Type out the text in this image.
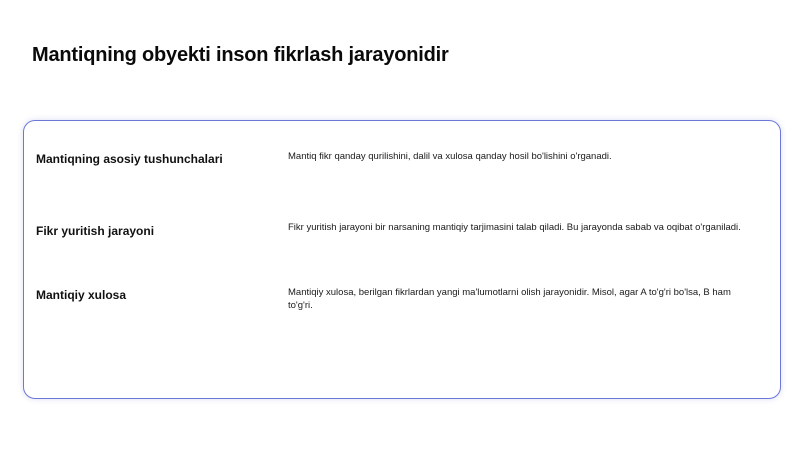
Mantiqning obyekti inson fikrlash jarayonidir
Mantiqning asosiy tushunchalari	Mantiq fikr qanday qurilishini, dalil va xulosa qanday hosil bo'lishini o'rganadi.
Fikr yuritish jarayoni	Fikr yuritish jarayoni bir narsaning mantiqiy tarjimasini talab qiladi. Bu jarayonda sabab va oqibat o'rganiladi.
Mantiqiy xulosa	Mantiqiy xulosa, berilgan fikrlardan yangi ma'lumotlarni olish jarayonidir. Misol, agar A to'g'ri bo'lsa, B ham to'g'ri.
